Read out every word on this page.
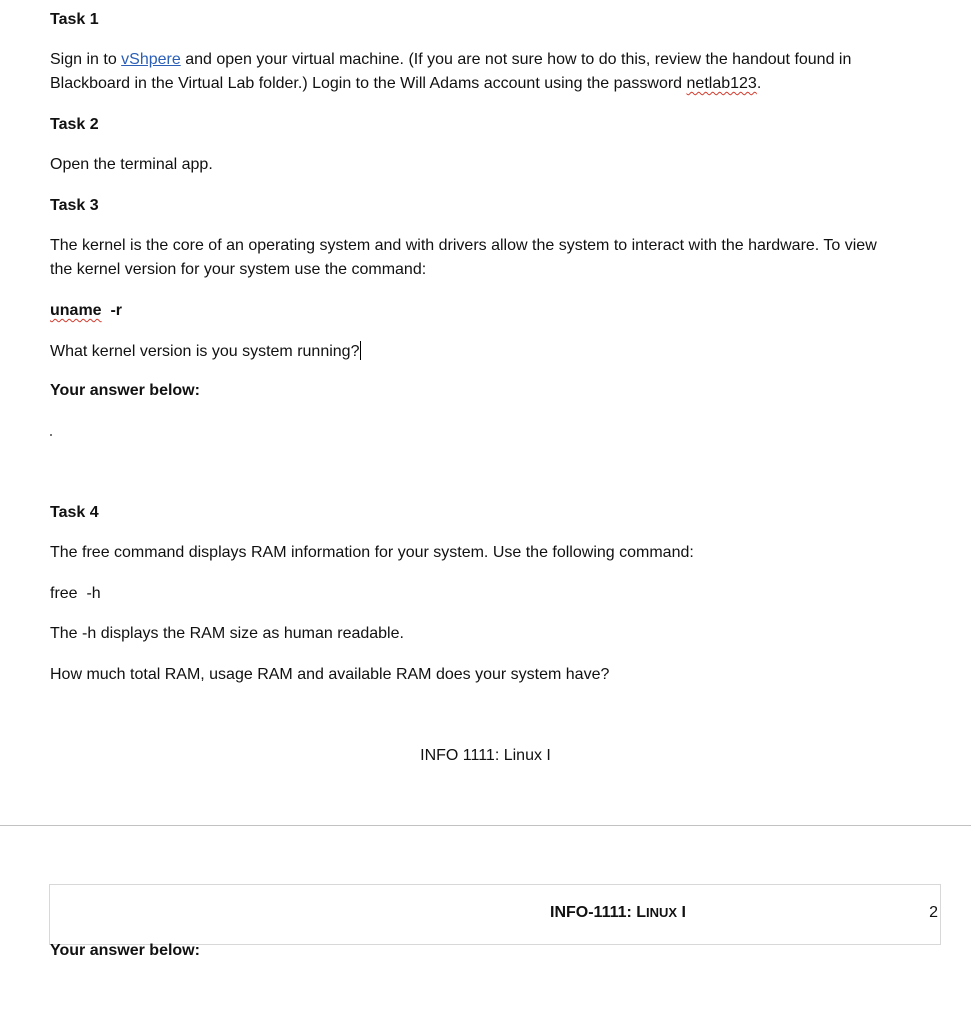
Task 1
Sign in to vShpere and open your virtual machine. (If you are not sure how to do this, review the handout found in
Blackboard in the Virtual Lab folder.) Login to the Will Adams account using the password netlab123.
Task 2
Open the terminal app.
Task 3
The kernel is the core of an operating system and with drivers allow the system to interact with the hardware. To view
the kernel version for your system use the command:
uname -r
What kernel version is you system running?
Your answer below:
Task 4
The free command displays RAM information for your system. Use the following command:
free  -h
The -h displays the RAM size as human readable.
How much total RAM, usage RAM and available RAM does your system have?
INFO 1111: Linux I
INFO-1111: LINUX I	2
Your answer below:
